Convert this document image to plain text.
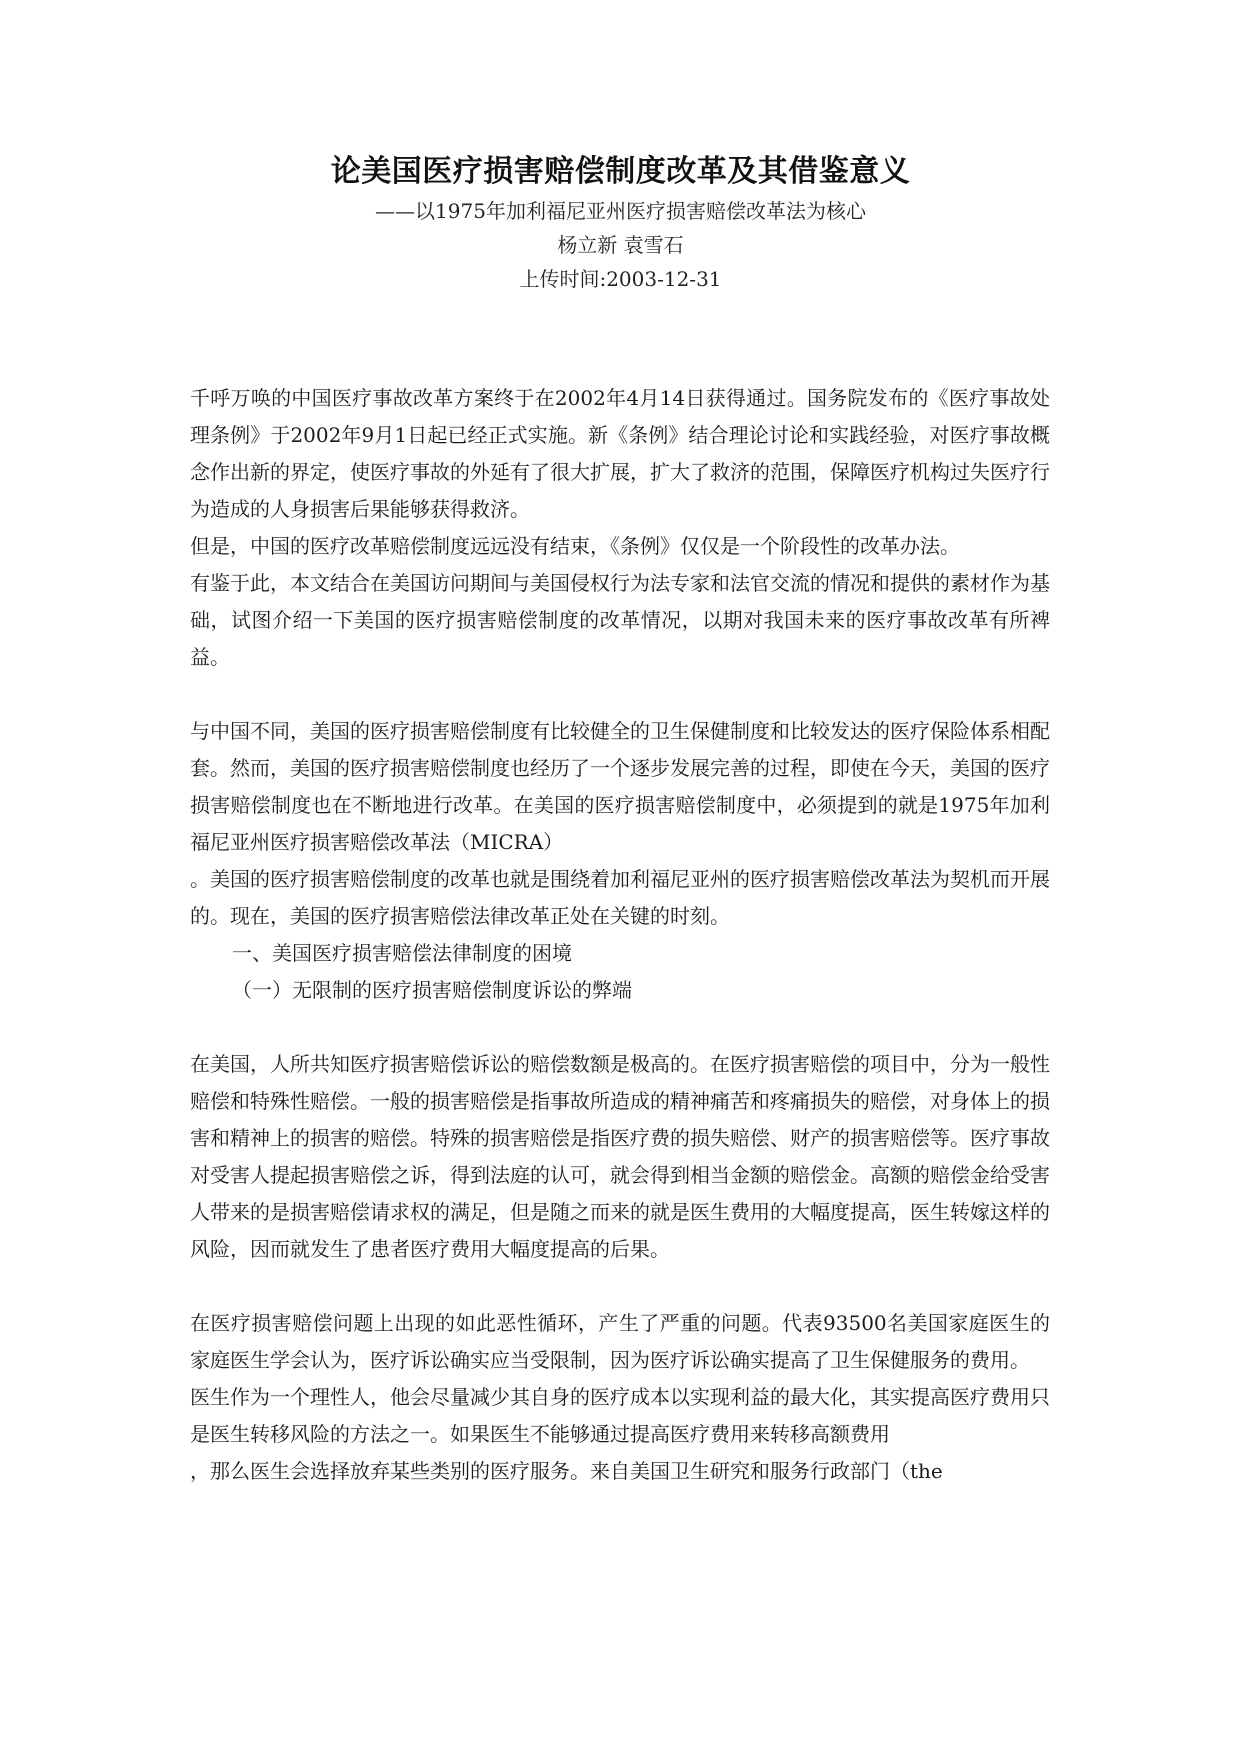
论美国医疗损害赔偿制度改革及其借鉴意义

——以1975年加利福尼亚州医疗损害赔偿改革法为核心

杨立新 袁雪石

上传时间:2003-12-31

千呼万唤的中国医疗事故改革方案终于在2002年4月14日获得通过。国务院发布的《医疗事故处理条例》于2002年9月1日起已经正式实施。新《条例》结合理论讨论和实践经验，对医疗事故概念作出新的界定，使医疗事故的外延有了很大扩展，扩大了救济的范围，保障医疗机构过失医疗行为造成的人身损害后果能够获得救济。

但是，中国的医疗改革赔偿制度远远没有结束，《条例》仅仅是一个阶段性的改革办法。

有鉴于此，本文结合在美国访问期间与美国侵权行为法专家和法官交流的情况和提供的素材作为基础，试图介绍一下美国的医疗损害赔偿制度的改革情况，以期对我国未来的医疗事故改革有所裨益。

与中国不同，美国的医疗损害赔偿制度有比较健全的卫生保健制度和比较发达的医疗保险体系相配套。然而，美国的医疗损害赔偿制度也经历了一个逐步发展完善的过程，即使在今天，美国的医疗损害赔偿制度也在不断地进行改革。在美国的医疗损害赔偿制度中，必须提到的就是1975年加利福尼亚州医疗损害赔偿改革法（MICRA）

。美国的医疗损害赔偿制度的改革也就是围绕着加利福尼亚州的医疗损害赔偿改革法为契机而开展的。现在，美国的医疗损害赔偿法律改革正处在关键的时刻。

一、美国医疗损害赔偿法律制度的困境

（一）无限制的医疗损害赔偿制度诉讼的弊端

在美国，人所共知医疗损害赔偿诉讼的赔偿数额是极高的。在医疗损害赔偿的项目中，分为一般性赔偿和特殊性赔偿。一般的损害赔偿是指事故所造成的精神痛苦和疼痛损失的赔偿，对身体上的损害和精神上的损害的赔偿。特殊的损害赔偿是指医疗费的损失赔偿、财产的损害赔偿等。医疗事故对受害人提起损害赔偿之诉，得到法庭的认可，就会得到相当金额的赔偿金。高额的赔偿金给受害人带来的是损害赔偿请求权的满足，但是随之而来的就是医生费用的大幅度提高，医生转嫁这样的风险，因而就发生了患者医疗费用大幅度提高的后果。

在医疗损害赔偿问题上出现的如此恶性循环，产生了严重的问题。代表93500名美国家庭医生的家庭医生学会认为，医疗诉讼确实应当受限制，因为医疗诉讼确实提高了卫生保健服务的费用。

医生作为一个理性人，他会尽量减少其自身的医疗成本以实现利益的最大化，其实提高医疗费用只是医生转移风险的方法之一。如果医生不能够通过提高医疗费用来转移高额费用

，那么医生会选择放弃某些类别的医疗服务。来自美国卫生研究和服务行政部门（the
